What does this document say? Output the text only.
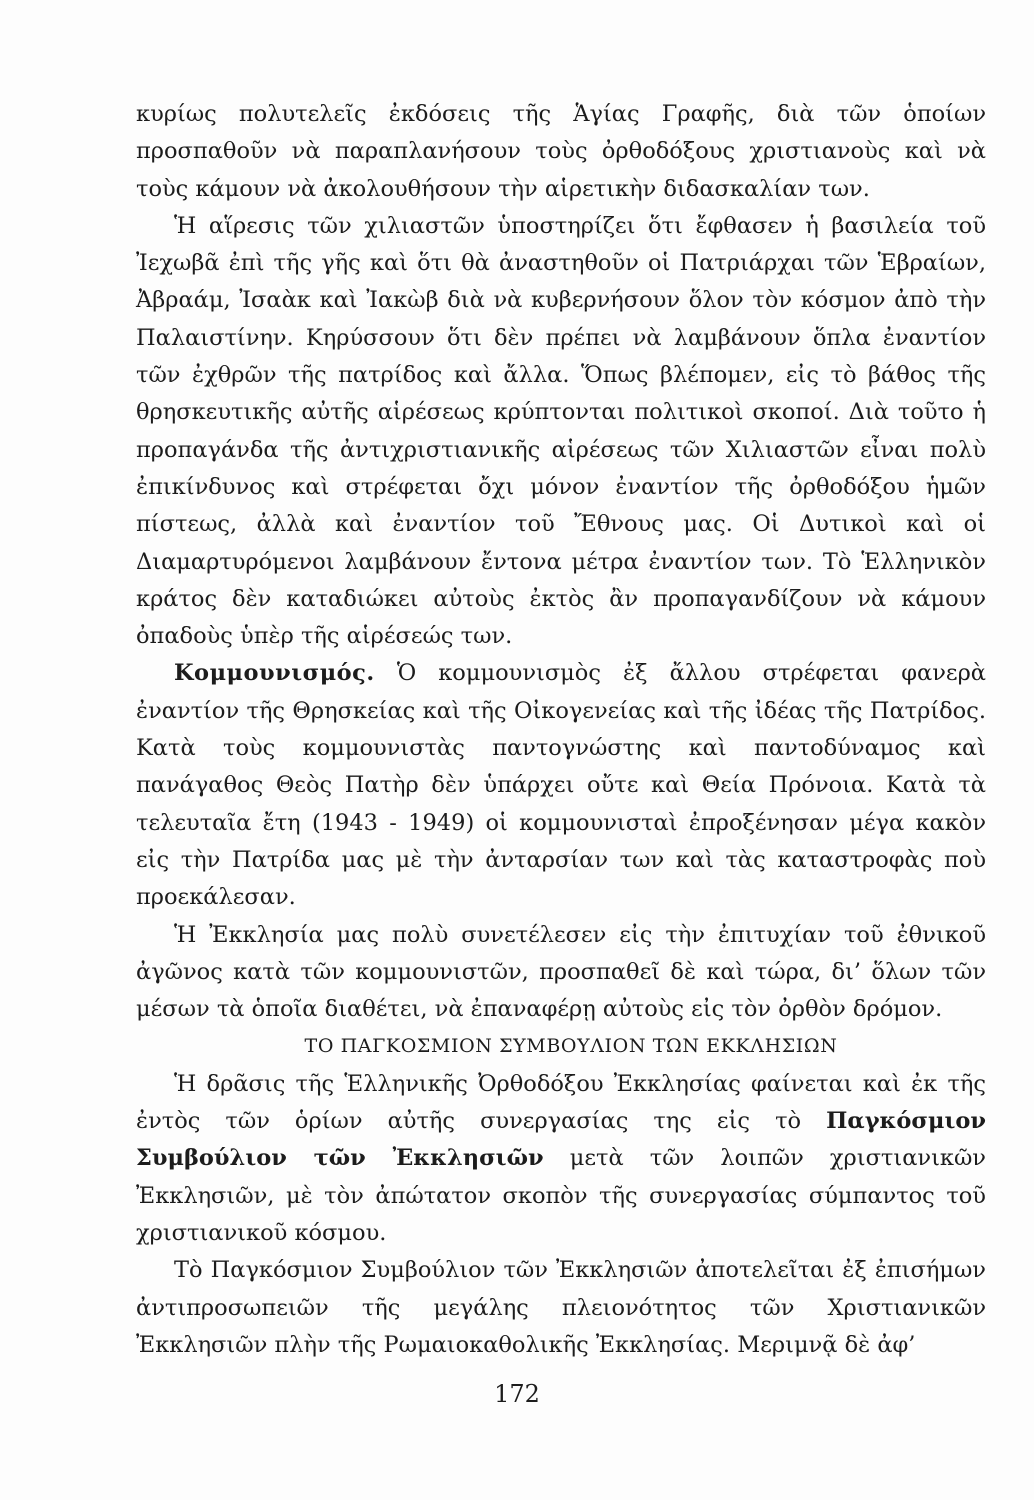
κυρίως πολυτελεῖς ἐκδόσεις τῆς Ἁγίας Γραφῆς, διὰ τῶν ὁποίων προσπαθοῦν νὰ παραπλανήσουν τοὺς ὀρθοδόξους χριστιανοὺς καὶ νὰ τοὺς κάμουν νὰ ἀκολουθήσουν τὴν αἱρετικὴν διδασκαλίαν των.

Ἡ αἵρεσις τῶν χιλιαστῶν ὑποστηρίζει ὅτι ἔφθασεν ἡ βασιλεία τοῦ Ἰεχωβᾶ ἐπὶ τῆς γῆς καὶ ὅτι θὰ ἀναστηθοῦν οἱ Πατριάρχαι τῶν Ἑβραίων, Ἀβραάμ, Ἰσαὰκ καὶ Ἰακὼβ διὰ νὰ κυβερνήσουν ὅλον τὸν κόσμον ἀπὸ τὴν Παλαιστίνην. Κηρύσσουν ὅτι δὲν πρέπει νὰ λαμβάνουν ὅπλα ἐναντίον τῶν ἐχθρῶν τῆς πατρίδος καὶ ἄλλα. Ὅπως βλέπομεν, εἰς τὸ βάθος τῆς θρησκευτικῆς αὐτῆς αἱρέσεως κρύπτονται πολιτικοὶ σκοποί. Διὰ τοῦτο ἡ προπαγάνδα τῆς ἀντιχριστιανικῆς αἱρέσεως τῶν Χιλιαστῶν εἶναι πολὺ ἐπικίνδυνος καὶ στρέφεται ὄχι μόνον ἐναντίον τῆς ὀρθοδόξου ἡμῶν πίστεως, ἀλλὰ καὶ ἐναντίον τοῦ Ἔθνους μας. Οἱ Δυτικοὶ καὶ οἱ Διαμαρτυρόμενοι λαμβάνουν ἔντονα μέτρα ἐναντίον των. Τὸ Ἑλληνικὸν κράτος δὲν καταδιώκει αὐτοὺς ἐκτὸς ἂν προπαγανδίζουν νὰ κάμουν ὀπαδοὺς ὑπὲρ τῆς αἱρέσεώς των.

Κομμουνισμός. Ὁ κομμουνισμὸς ἐξ ἄλλου στρέφεται φανερὰ ἐναντίον τῆς Θρησκείας καὶ τῆς Οἰκογενείας καὶ τῆς ἰδέας τῆς Πατρίδος. Κατὰ τοὺς κομμουνιστὰς παντογνώστης καὶ παντοδύναμος καὶ πανάγαθος Θεὸς Πατὴρ δὲν ὑπάρχει οὔτε καὶ Θεία Πρόνοια. Κατὰ τὰ τελευταῖα ἔτη (1943 - 1949) οἱ κομμουνισταὶ ἐπροξένησαν μέγα κακὸν εἰς τὴν Πατρίδα μας μὲ τὴν ἀνταρσίαν των καὶ τὰς καταστροφὰς ποὺ προεκάλεσαν.

Ἡ Ἐκκλησία μας πολὺ συνετέλεσεν εἰς τὴν ἐπιτυχίαν τοῦ ἐθνικοῦ ἀγῶνος κατὰ τῶν κομμουνιστῶν, προσπαθεῖ δὲ καὶ τώρα, δι’ ὅλων τῶν μέσων τὰ ὁποῖα διαθέτει, νὰ ἐπαναφέρῃ αὐτοὺς εἰς τὸν ὀρθὸν δρόμον.

ΤΟ ΠΑΓΚΟΣΜΙΟΝ ΣΥΜΒΟΥΛΙΟΝ ΤΩΝ ΕΚΚΛΗΣΙΩΝ

Ἡ δρᾶσις τῆς Ἑλληνικῆς Ὀρθοδόξου Ἐκκλησίας φαίνεται καὶ ἐκ τῆς ἐντὸς τῶν ὁρίων αὐτῆς συνεργασίας της εἰς τὸ Παγκόσμιον Συμβούλιον τῶν Ἐκκλησιῶν μετὰ τῶν λοιπῶν χριστιανικῶν Ἐκκλησιῶν, μὲ τὸν ἀπώτατον σκοπὸν τῆς συνεργασίας σύμπαντος τοῦ χριστιανικοῦ κόσμου.

Τὸ Παγκόσμιον Συμβούλιον τῶν Ἐκκλησιῶν ἀποτελεῖται ἐξ ἐπισήμων ἀντιπροσωπειῶν τῆς μεγάλης πλειονότητος τῶν Χριστιανικῶν Ἐκκλησιῶν πλὴν τῆς Ρωμαιοκαθολικῆς Ἐκκλησίας. Μεριμνᾷ δὲ ἀφ’

172
